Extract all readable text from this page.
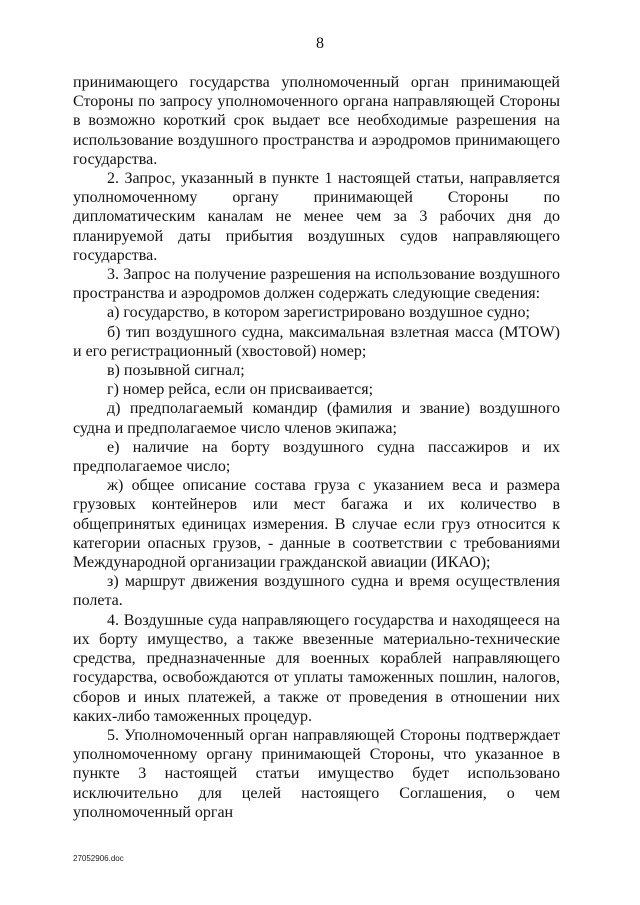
8

принимающего государства уполномоченный орган принимающей Стороны по запросу уполномоченного органа направляющей Стороны в возможно короткий срок выдает все необходимые разрешения на использование воздушного пространства и аэродромов принимающего государства.

2. Запрос, указанный в пункте 1 настоящей статьи, направляется уполномоченному органу принимающей Стороны по дипломатическим каналам не менее чем за 3 рабочих дня до планируемой даты прибытия воздушных судов направляющего государства.

3. Запрос на получение разрешения на использование воздушного пространства и аэродромов должен содержать следующие сведения:

а) государство, в котором зарегистрировано воздушное судно;

б) тип воздушного судна, максимальная взлетная масса (MTOW) и его регистрационный (хвостовой) номер;

в) позывной сигнал;

г) номер рейса, если он присваивается;

д) предполагаемый командир (фамилия и звание) воздушного судна и предполагаемое число членов экипажа;

е) наличие на борту воздушного судна пассажиров и их предполагаемое число;

ж) общее описание состава груза с указанием веса и размера грузовых контейнеров или мест багажа и их количество в общепринятых единицах измерения. В случае если груз относится к категории опасных грузов, - данные в соответствии с требованиями Международной организации гражданской авиации (ИКАО);

з) маршрут движения воздушного судна и время осуществления полета.

4. Воздушные суда направляющего государства и находящееся на их борту имущество, а также ввезенные материально-технические средства, предназначенные для военных кораблей направляющего государства, освобождаются от уплаты таможенных пошлин, налогов, сборов и иных платежей, а также от проведения в отношении них каких-либо таможенных процедур.

5. Уполномоченный орган направляющей Стороны подтверждает уполномоченному органу принимающей Стороны, что указанное в пункте 3 настоящей статьи имущество будет использовано исключительно для целей настоящего Соглашения, о чем уполномоченный орган

27052906.doc
